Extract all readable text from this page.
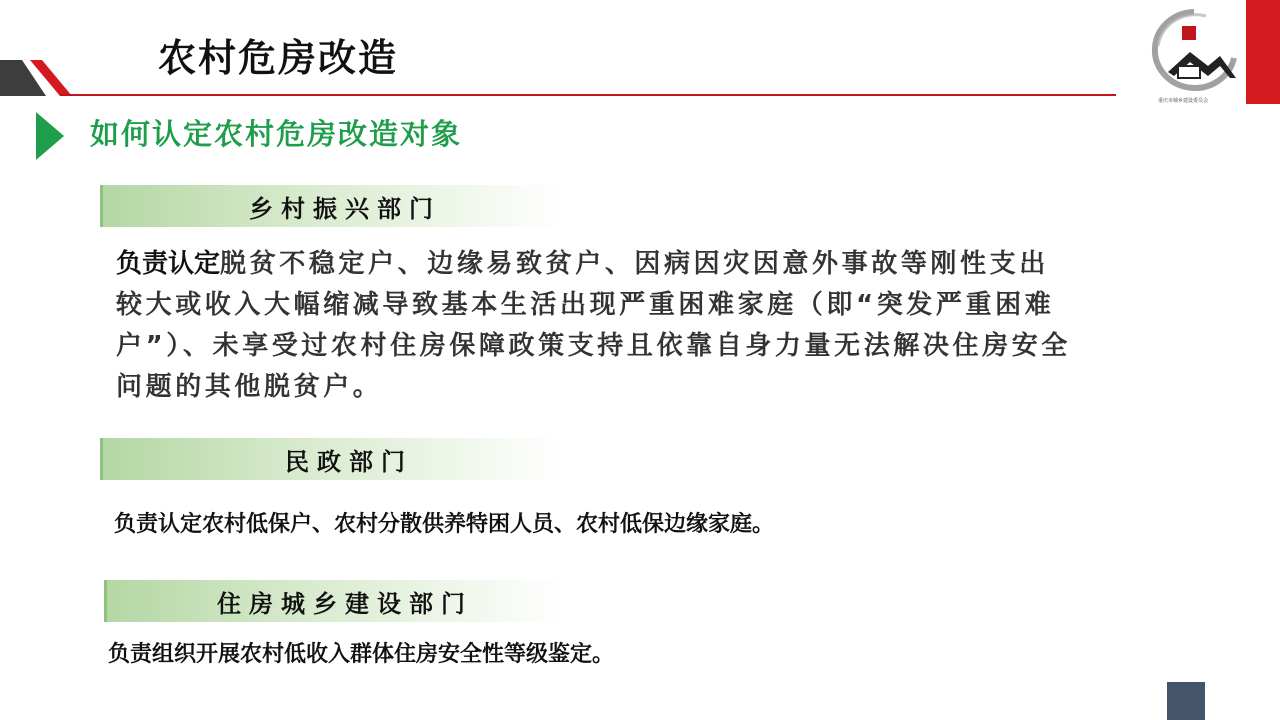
农村危房改造
重庆市城乡建设委员会
如何认定农村危房改造对象
乡村振兴部门
负责认定脱贫不稳定户、边缘易致贫户、因病因灾因意外事故等刚性支出较大或收入大幅缩减导致基本生活出现严重困难家庭（即“突发严重困难户”）、未享受过农村住房保障政策支持且依靠自身力量无法解决住房安全问题的其他脱贫户。
民政部门
负责认定农村低保户、农村分散供养特困人员、农村低保边缘家庭。
住房城乡建设部门
负责组织开展农村低收入群体住房安全性等级鉴定。
